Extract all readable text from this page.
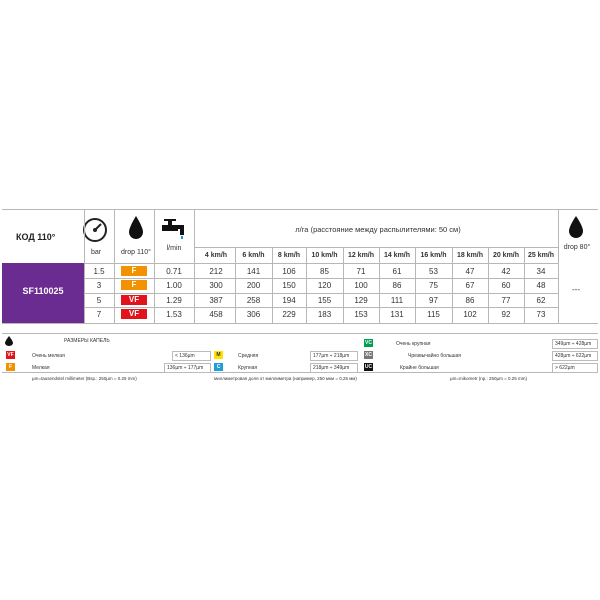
КОД 110°
bar	drop 110°
l/min
л/га (расстояние между распылителями: 50 см)
4 km/h	6 km/h	8 km/h	10 km/h	12 km/h	14 km/h	16 km/h	18 km/h	20 km/h	25 km/h
drop 80°
---
SF110025
1.5	F	0.71	212	141	106	85	71	61	53	47	42	34
3	F	1.00	300	200	150	120	100	86	75	67	60	48
5	VF	1.29	387	258	194	155	129	111	97	86	77	62
7	VF	1.53	458	306	229	183	153	131	115	102	92	73
РАЗМЕРЫ КАПЕЛЬ
VF	Очень мелкая	< 136µm
F	Мелкая	136µm ÷ 177µm
M	Средняя	177µm ÷ 218µm
C	Крупная	218µm ÷ 349µm
VC	Очень крупная	349µm ÷ 428µm
XC	Чрезвычайно большая	428µm ÷ 622µm
UC	Крайне большая	> 622µm
µm=tausendstel millimeter (Bsp.: 250µm = 0.25 mm)	миллиметровая доля от миллиметра (например, 250 мкм = 0,25 мм)	µm=mikometr (np.: 250µm = 0.25 mm)
